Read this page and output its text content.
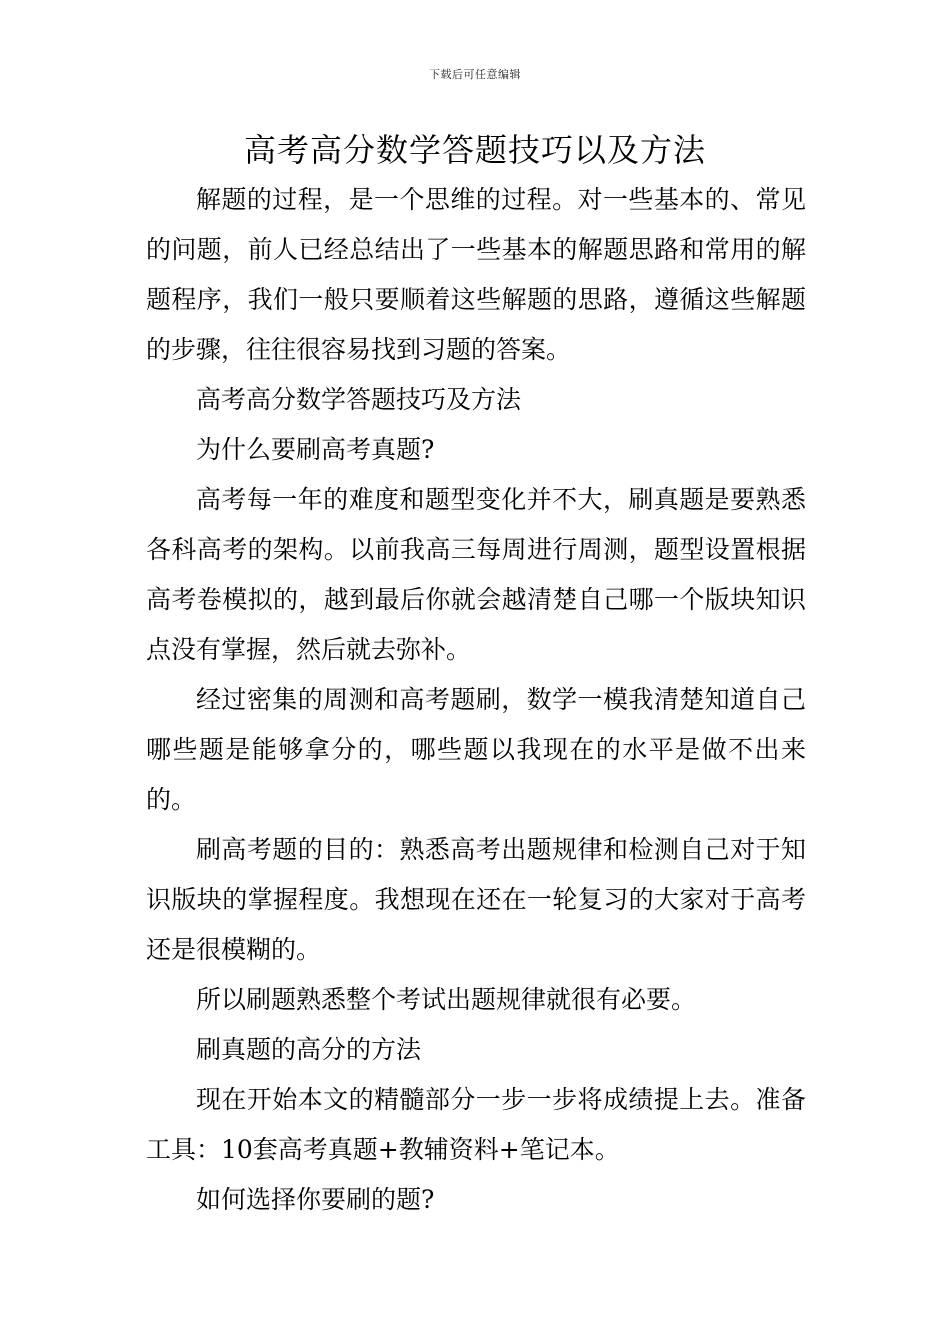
下载后可任意编辑
高考高分数学答题技巧以及方法

解题的过程，是一个思维的过程。对一些基本的、常见的问题，前人已经总结出了一些基本的解题思路和常用的解题程序，我们一般只要顺着这些解题的思路，遵循这些解题的步骤，往往很容易找到习题的答案。

高考高分数学答题技巧及方法

为什么要刷高考真题?

高考每一年的难度和题型变化并不大，刷真题是要熟悉各科高考的架构。以前我高三每周进行周测，题型设置根据高考卷模拟的，越到最后你就会越清楚自己哪一个版块知识点没有掌握，然后就去弥补。

经过密集的周测和高考题刷，数学一模我清楚知道自己哪些题是能够拿分的，哪些题以我现在的水平是做不出来的。

刷高考题的目的：熟悉高考出题规律和检测自己对于知识版块的掌握程度。我想现在还在一轮复习的大家对于高考还是很模糊的。

所以刷题熟悉整个考试出题规律就很有必要。

刷真题的高分的方法

现在开始本文的精髓部分一步一步将成绩提上去。准备工具：10套高考真题+教辅资料+笔记本。

如何选择你要刷的题?
